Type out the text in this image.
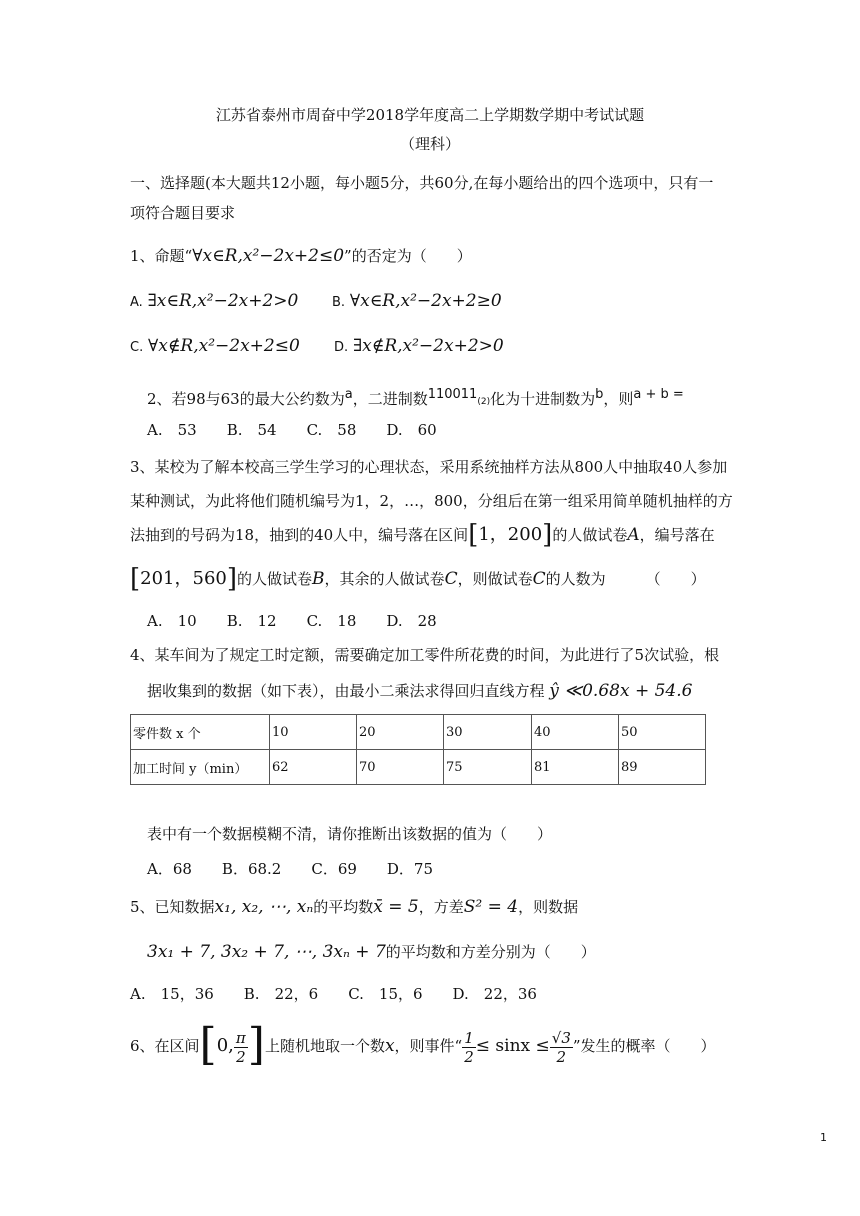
江苏省泰州市周奋中学2018学年度高二上学期数学期中考试试题
（理科）
一、选择题(本大题共12小题，每小题5分，共60分,在每小题给出的四个选项中，只有一
项符合题目要求
1、命题“∀x∈R,x²−2x+2≤0”的否定为（　　）
A. ∃x∈R,x²−2x+2>0	B. ∀x∈R,x²−2x+2≥0
C. ∀x∉R,x²−2x+2≤0	D. ∃x∉R,x²−2x+2>0
2、若98与63的最大公约数为a，二进制数110011(2)化为十进制数为b，则a + b =
A.　53　　B.　54　　C.　58　　D.　60
3、某校为了解本校高三学生学习的心理状态，采用系统抽样方法从800人中抽取40人参加
某种测试，为此将他们随机编号为1，2，…，800，分组后在第一组采用简单随机抽样的方
法抽到的号码为18，抽到的40人中，编号落在区间[1，200]的人做试卷A，编号落在
[201，560]的人做试卷B，其余的人做试卷C，则做试卷C的人数为	（　　）
A.　10　　B.　12　　C.　18　　D.　28
4、某车间为了规定工时定额，需要确定加工零件所花费的时间，为此进行了5次试验，根
据收集到的数据（如下表），由最小二乘法求得回归直线方程 ŷ ≪0.68x + 54.6
零件数 x 个	10	20	30	40	50
加工时间 y（min）	62	70	75	81	89
表中有一个数据模糊不清，请你推断出该数据的值为（　　）
A．68　　B．68.2　　C．69　　D．75
5、已知数据x₁, x₂, ⋯, xₙ的平均数x̄ = 5，方差S² = 4，则数据
3x₁ + 7, 3x₂ + 7, ⋯, 3xₙ + 7的平均数和方差分别为（　　）
A.　15，36　　B.　22，6　　C.　15，6　　D.　22，36
6、在区间[0, $\frac{\pi}{2}$ ]上随机地取一个数x，则事件“ $\frac{1}{2} \le \sin x \le \frac{√3}{2}$ ”发生的概率（　　）
1
